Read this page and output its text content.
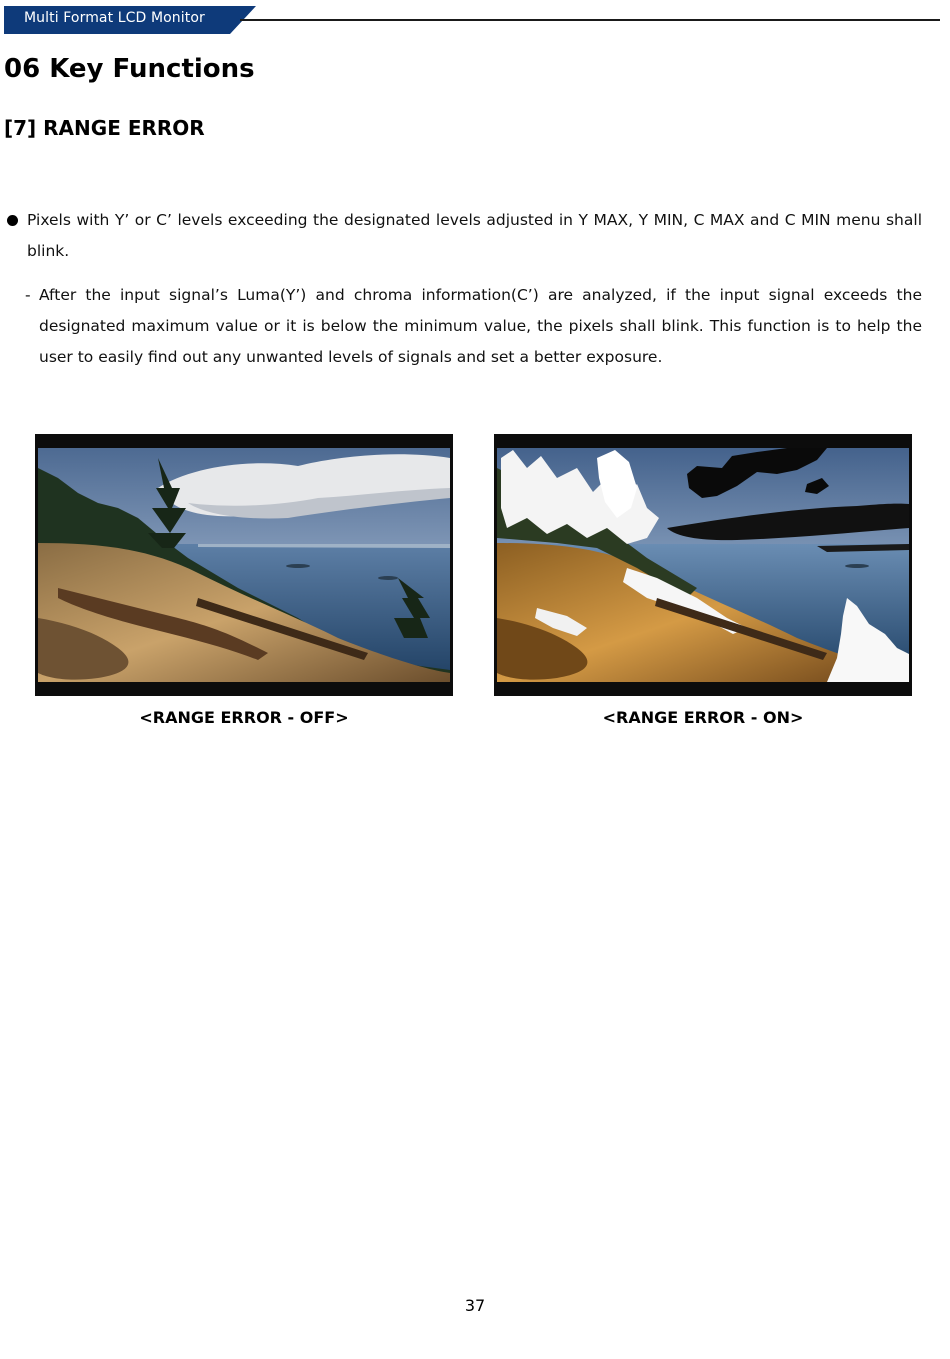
Multi Format LCD Monitor
06 Key Functions
[7] RANGE ERROR
Pixels with Y’ or C’ levels exceeding the designated levels adjusted in Y MAX, Y MIN, C MAX and C MIN menu shall blink.
- After the input signal’s Luma(Y’) and chroma information(C’) are analyzed, if the input signal exceeds the designated maximum value or it is below the minimum value, the pixels shall blink. This function is to help the user to easily find out any unwanted levels of signals and set a better exposure.
<RANGE ERROR - OFF>	<RANGE ERROR - ON>
37
